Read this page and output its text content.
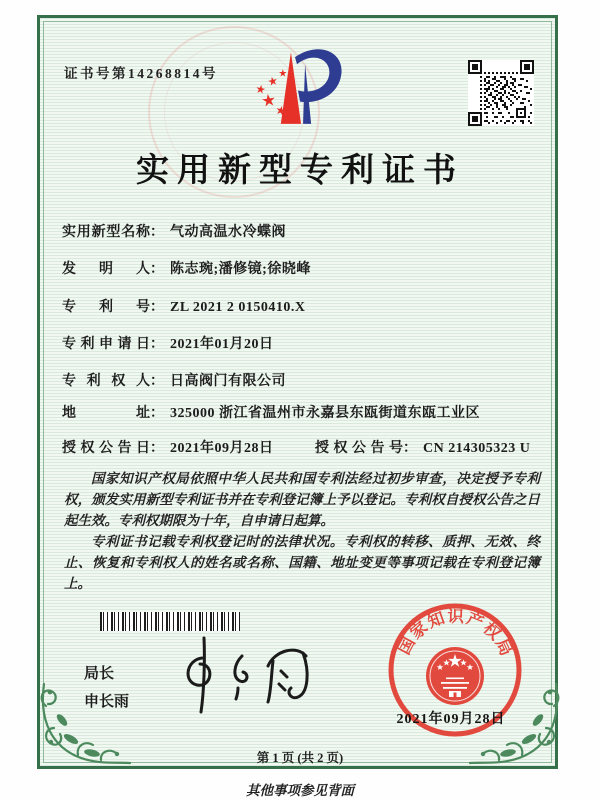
证书号第14268814号
实用新型专利证书
实用新型名称： 气动高温水冷蝶阀
发明人： 陈志琬;潘修镜;徐晓峰
专利号： ZL 2021 2 0150410.X
专利申请日： 2021年01月20日
专利权人： 日高阀门有限公司
地址： 325000 浙江省温州市永嘉县东瓯街道东瓯工业区
授权公告日： 2021年09月28日	授权公告号： CN 214305323 U

国家知识产权局依照中华人民共和国专利法经过初步审查，决定授予专利权，颁发实用新型专利证书并在专利登记簿上予以登记。专利权自授权公告之日起生效。专利权期限为十年，自申请日起算。

专利证书记载专利权登记时的法律状况。专利权的转移、质押、无效、终止、恢复和专利权人的姓名或名称、国籍、地址变更等事项记载在专利登记簿上。

局长
申长雨
国家知识产权局
2021年09月28日
第 1 页 (共 2 页)
其他事项参见背面
